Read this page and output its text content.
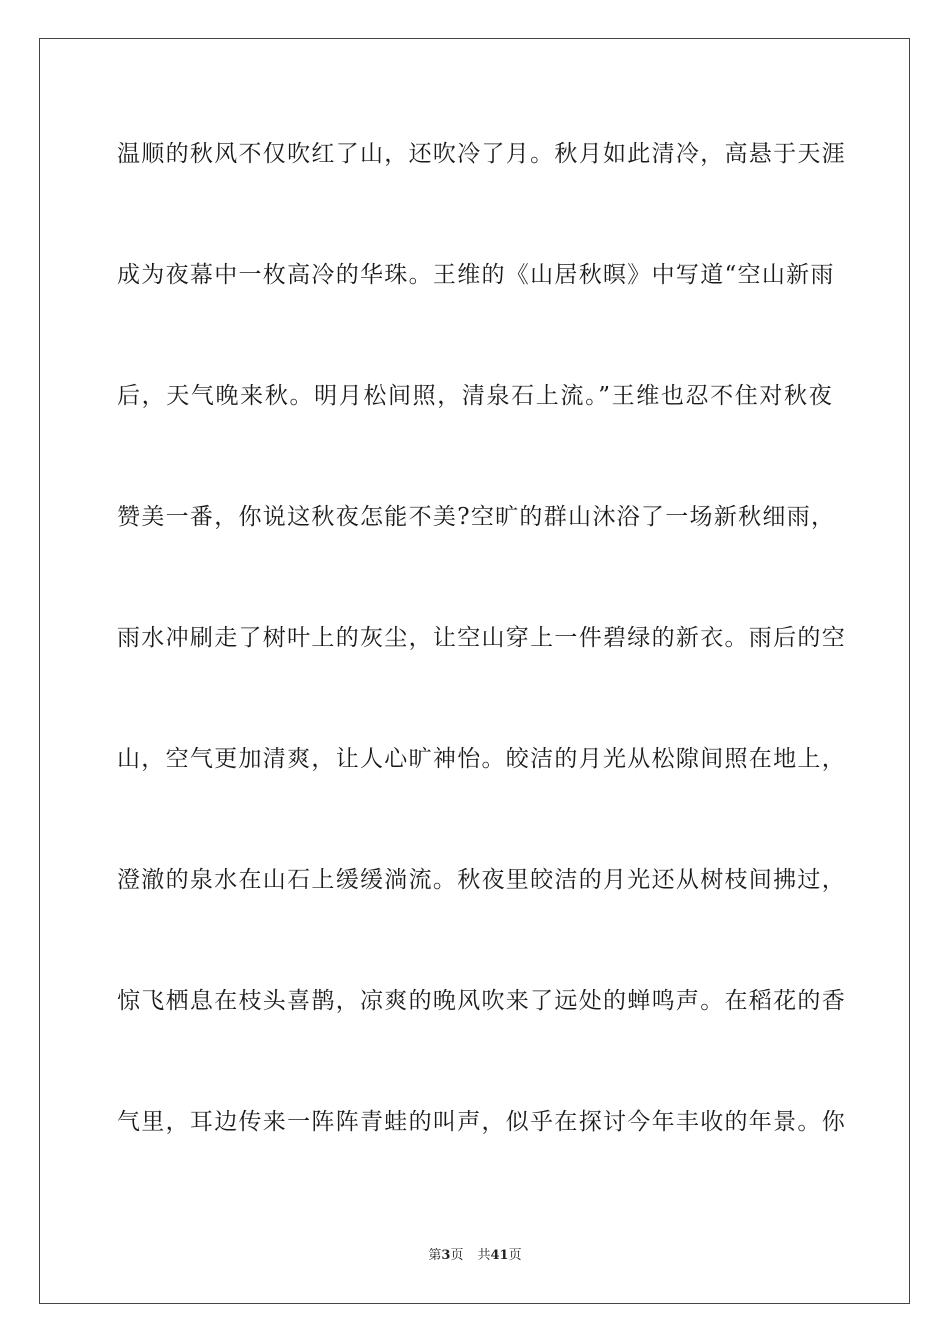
温顺的秋风不仅吹红了山，还吹冷了月。秋月如此清冷，高悬于天涯
成为夜幕中一枚高冷的华珠。王维的《山居秋暝》中写道“空山新雨
后，天气晚来秋。明月松间照，清泉石上流。”王维也忍不住对秋夜
赞美一番，你说这秋夜怎能不美?空旷的群山沐浴了一场新秋细雨，
雨水冲刷走了树叶上的灰尘，让空山穿上一件碧绿的新衣。雨后的空
山，空气更加清爽，让人心旷神怡。皎洁的月光从松隙间照在地上，
澄澈的泉水在山石上缓缓淌流。秋夜里皎洁的月光还从树枝间拂过，
惊飞栖息在枝头喜鹊，凉爽的晚风吹来了远处的蝉鸣声。在稻花的香
气里，耳边传来一阵阵青蛙的叫声，似乎在探讨今年丰收的年景。你
第3页 共41页
